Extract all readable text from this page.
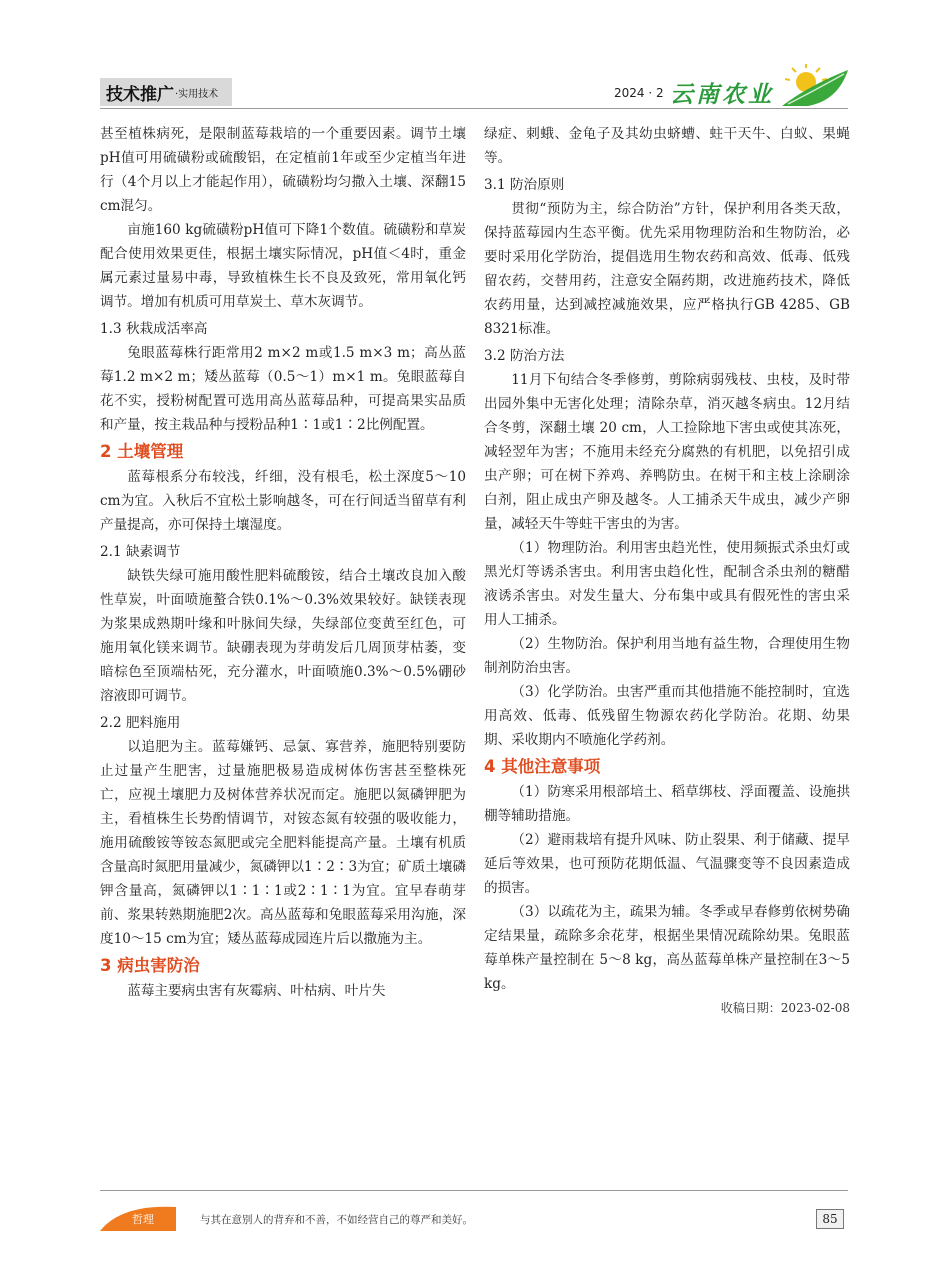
技术推广 ·实用技术	2024 · 2 云南农业

甚至植株病死，是限制蓝莓栽培的一个重要因素。调节土壤pH值可用硫磺粉或硫酸铝，在定植前1年或至少定植当年进行（4个月以上才能起作用），硫磺粉均匀撒入土壤、深翻15 cm混匀。

亩施160 kg硫磺粉pH值可下降1个数值。硫磺粉和草炭配合使用效果更佳，根据土壤实际情况，pH值＜4时，重金属元素过量易中毒，导致植株生长不良及致死，常用氧化钙调节。增加有机质可用草炭土、草木灰调节。

1.3 秋栽成活率高

兔眼蓝莓株行距常用2 m×2 m或1.5 m×3 m；高丛蓝莓1.2 m×2 m；矮丛蓝莓（0.5～1）m×1 m。兔眼蓝莓自花不实，授粉树配置可选用高丛蓝莓品种，可提高果实品质和产量，按主栽品种与授粉品种1∶1或1∶2比例配置。

2 土壤管理

蓝莓根系分布较浅，纤细，没有根毛，松土深度5～10 cm为宜。入秋后不宜松土影响越冬，可在行间适当留草有利产量提高，亦可保持土壤湿度。

2.1 缺素调节

缺铁失绿可施用酸性肥料硫酸铵，结合土壤改良加入酸性草炭，叶面喷施螯合铁0.1%～0.3%效果较好。缺镁表现为浆果成熟期叶缘和叶脉间失绿，失绿部位变黄至红色，可施用氧化镁来调节。缺硼表现为芽萌发后几周顶芽枯萎，变暗棕色至顶端枯死，充分灌水，叶面喷施0.3%～0.5%硼砂溶液即可调节。

2.2 肥料施用

以追肥为主。蓝莓嫌钙、忌氯、寡营养，施肥特别要防止过量产生肥害，过量施肥极易造成树体伤害甚至整株死亡，应视土壤肥力及树体营养状况而定。施肥以氮磷钾肥为主，看植株生长势酌情调节，对铵态氮有较强的吸收能力，施用硫酸铵等铵态氮肥或完全肥料能提高产量。土壤有机质含量高时氮肥用量减少，氮磷钾以1∶2∶3为宜；矿质土壤磷钾含量高，氮磷钾以1∶1∶1或2∶1∶1为宜。宜早春萌芽前、浆果转熟期施肥2次。高丛蓝莓和兔眼蓝莓采用沟施，深度10～15 cm为宜；矮丛蓝莓成园连片后以撒施为主。

3 病虫害防治

蓝莓主要病虫害有灰霉病、叶枯病、叶片失

绿症、刺蛾、金龟子及其幼虫蛴螬、蛀干天牛、白蚁、果蝇等。

3.1 防治原则

贯彻“预防为主，综合防治”方针，保护利用各类天敌，保持蓝莓园内生态平衡。优先采用物理防治和生物防治，必要时采用化学防治，提倡选用生物农药和高效、低毒、低残留农药，交替用药，注意安全隔药期，改进施药技术，降低农药用量，达到减控减施效果，应严格执行GB 4285、GB 8321标准。

3.2 防治方法

11月下旬结合冬季修剪，剪除病弱残枝、虫枝，及时带出园外集中无害化处理；清除杂草，消灭越冬病虫。12月结合冬剪，深翻土壤 20 cm，人工捡除地下害虫或使其冻死，减轻翌年为害；不施用未经充分腐熟的有机肥，以免招引成虫产卵；可在树下养鸡、养鸭防虫。在树干和主枝上涂刷涂白剂，阻止成虫产卵及越冬。人工捕杀天牛成虫，减少产卵量，减轻天牛等蛀干害虫的为害。

（1）物理防治。利用害虫趋光性，使用频振式杀虫灯或黑光灯等诱杀害虫。利用害虫趋化性，配制含杀虫剂的糖醋液诱杀害虫。对发生量大、分布集中或具有假死性的害虫采用人工捕杀。

（2）生物防治。保护利用当地有益生物，合理使用生物制剂防治虫害。

（3）化学防治。虫害严重而其他措施不能控制时，宜选用高效、低毒、低残留生物源农药化学防治。花期、幼果期、采收期内不喷施化学药剂。

4 其他注意事项

（1）防寒采用根部培土、稻草绑枝、浮面覆盖、设施拱棚等辅助措施。

（2）避雨栽培有提升风味、防止裂果、利于储藏、提早延后等效果，也可预防花期低温、气温骤变等不良因素造成的损害。

（3）以疏花为主，疏果为辅。冬季或早春修剪依树势确定结果量，疏除多余花芽，根据坐果情况疏除幼果。兔眼蓝莓单株产量控制在 5～8 kg，高丛蓝莓单株产量控制在3～5 kg。

收稿日期：2023-02-08
哲理	与其在意别人的背弃和不善，不如经营自己的尊严和美好。	85
